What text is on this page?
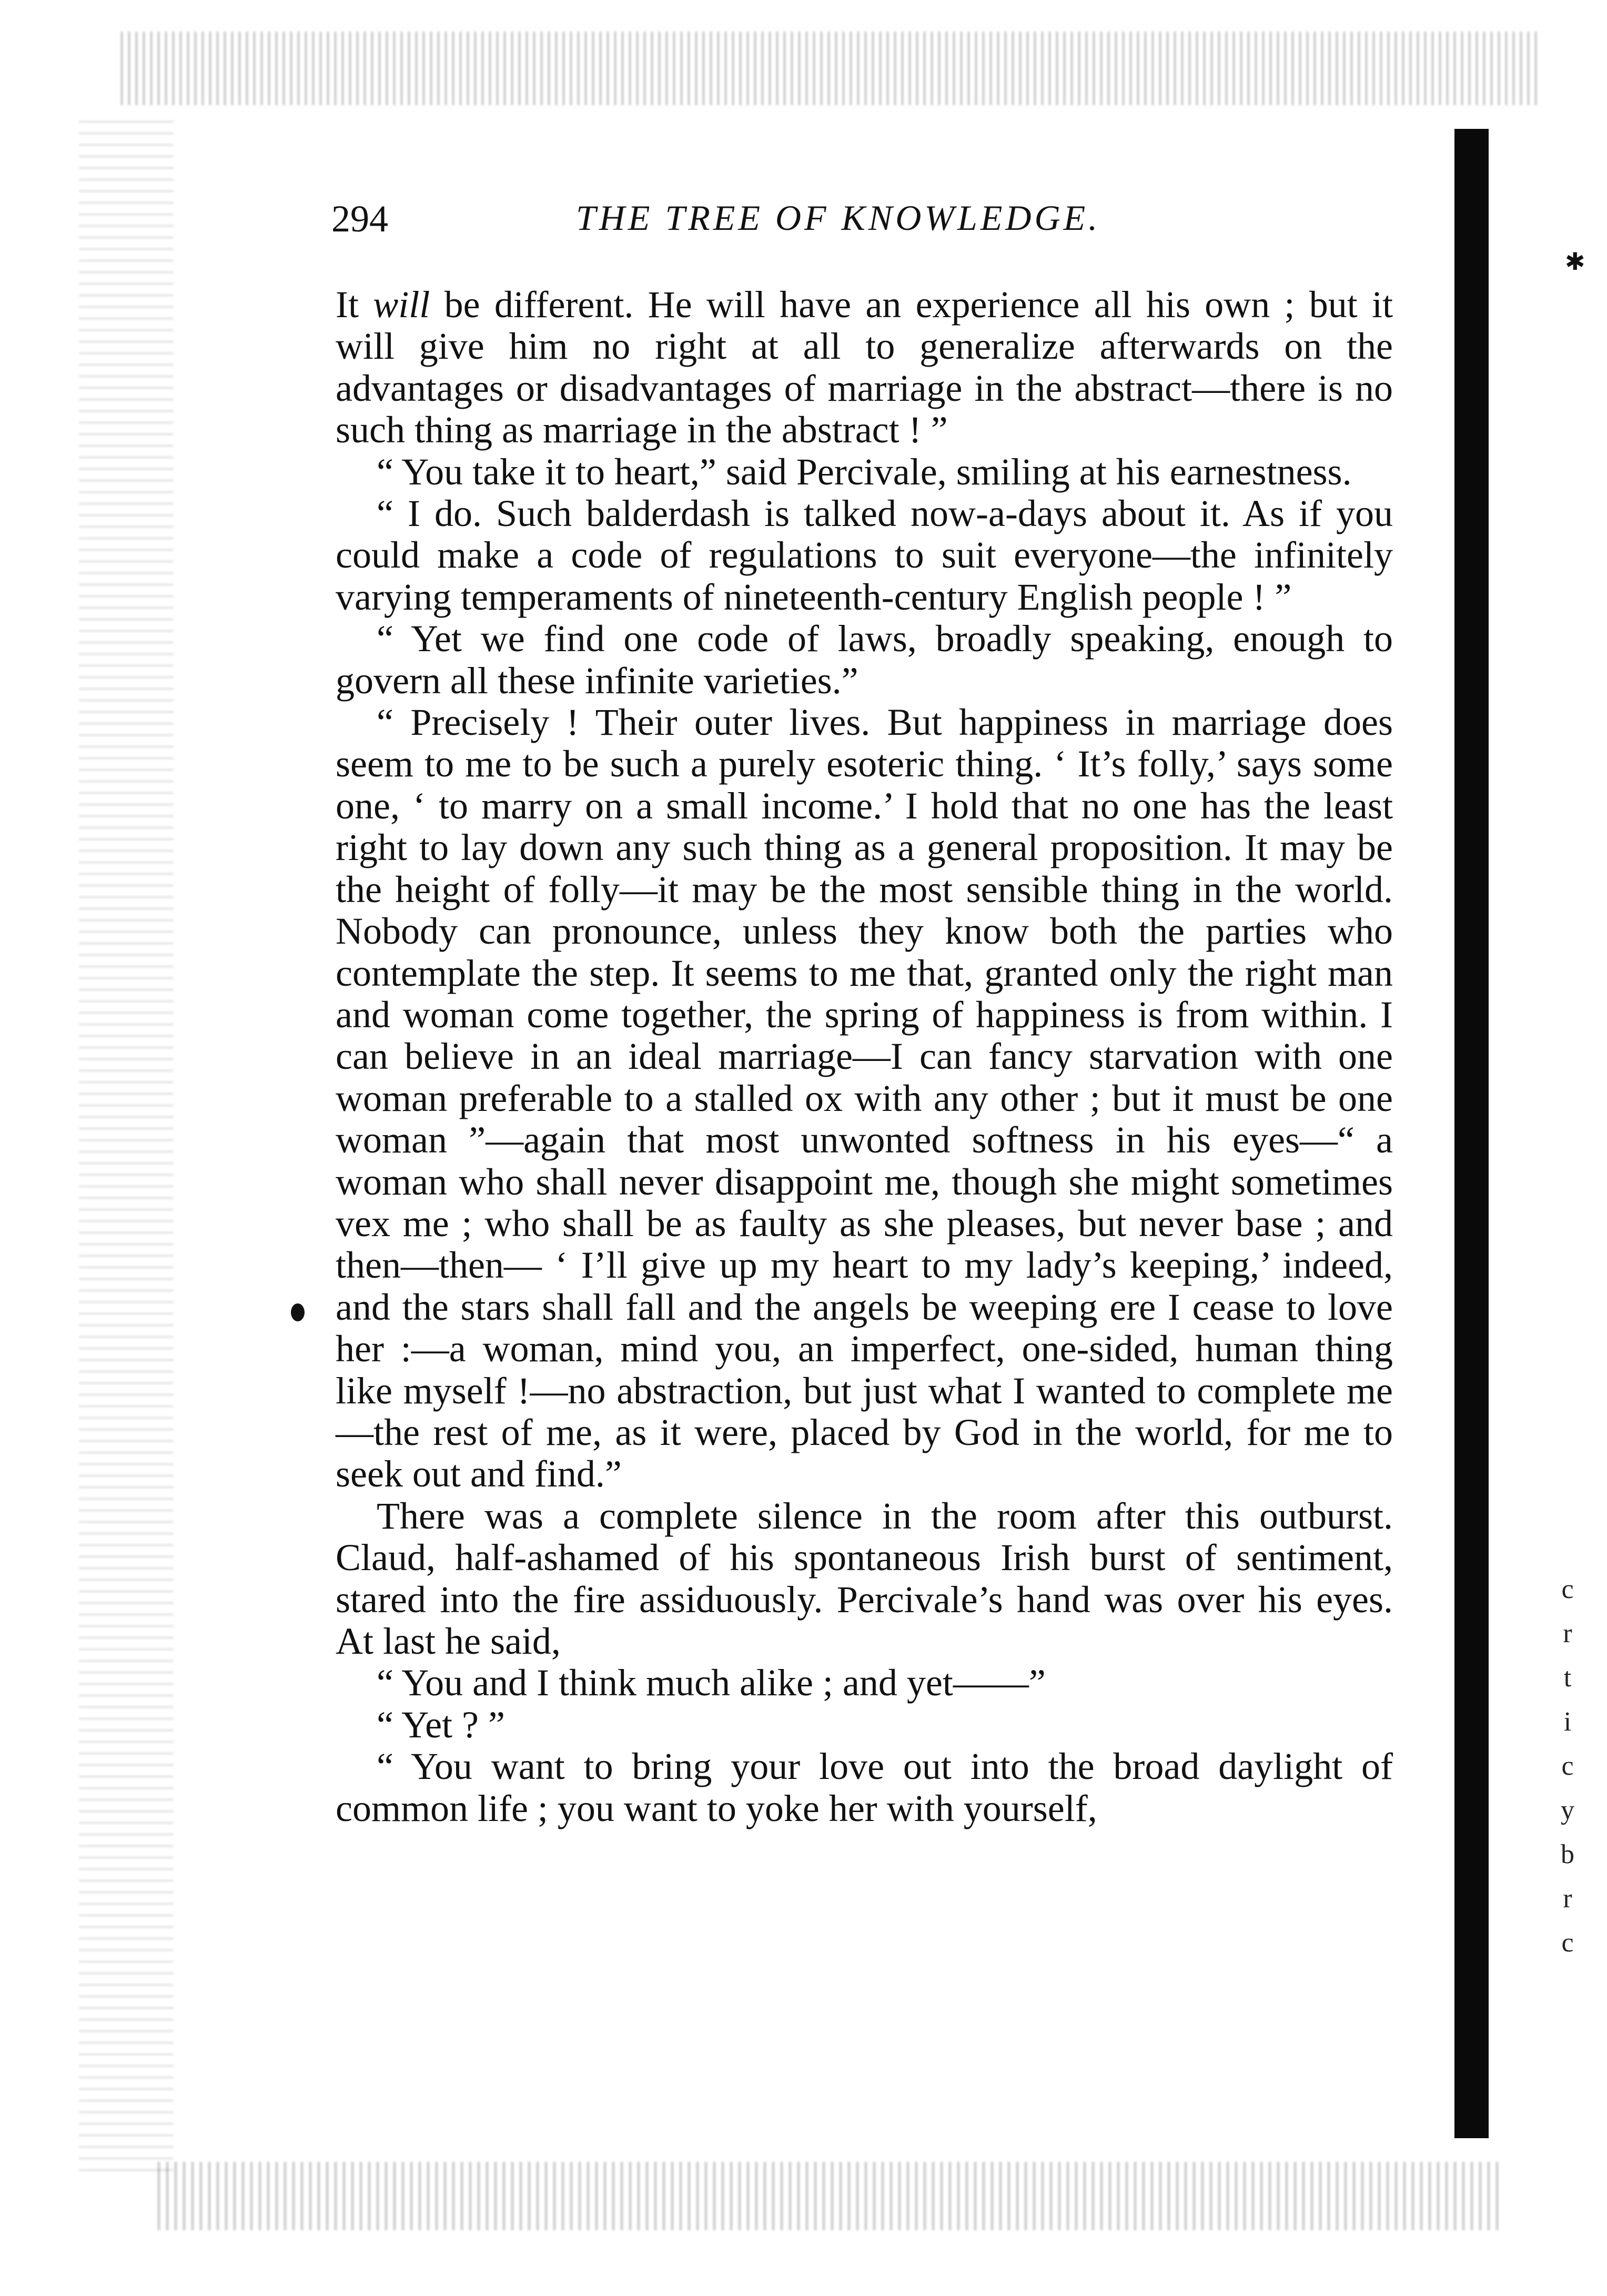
✱
c
r
t
i
c
y
b
r
c
294	THE TREE OF KNOWLEDGE.

It will be different. He will have an experience all his own ; but it will give him no right at all to generalize afterwards on the advantages or disadvantages of marriage in the abstract—there is no such thing as marriage in the abstract ! ”

“ You take it to heart,” said Percivale, smiling at his earnestness.

“ I do. Such balderdash is talked now-a-days about it. As if you could make a code of regulations to suit everyone—the infinitely varying temperaments of nineteenth-century English people ! ”

“ Yet we find one code of laws, broadly speaking, enough to govern all these infinite varieties.”

“ Precisely ! Their outer lives. But happiness in marriage does seem to me to be such a purely esoteric thing. ‘ It’s folly,’ says some one, ‘ to marry on a small income.’ I hold that no one has the least right to lay down any such thing as a general proposition. It may be the height of folly—it may be the most sensible thing in the world. Nobody can pronounce, unless they know both the parties who contemplate the step. It seems to me that, granted only the right man and woman come together, the spring of happiness is from within. I can believe in an ideal marriage—I can fancy starvation with one woman preferable to a stalled ox with any other ; but it must be one woman ”—again that most unwonted softness in his eyes—“ a woman who shall never disappoint me, though she might sometimes vex me ; who shall be as faulty as she pleases, but never base ; and then—then— ‘ I’ll give up my heart to my lady’s keeping,’ indeed, and the stars shall fall and the angels be weeping ere I cease to love her :—a woman, mind you, an imperfect, one-sided, human thing like myself !—no abstraction, but just what I wanted to complete me—the rest of me, as it were, placed by God in the world, for me to seek out and find.”

There was a complete silence in the room after this outburst. Claud, half-ashamed of his spontaneous Irish burst of sentiment, stared into the fire assiduously. Percivale’s hand was over his eyes. At last he said,

“ You and I think much alike ; and yet——”

“ Yet ? ”

“ You want to bring your love out into the broad daylight of common life ; you want to yoke her with yourself,
